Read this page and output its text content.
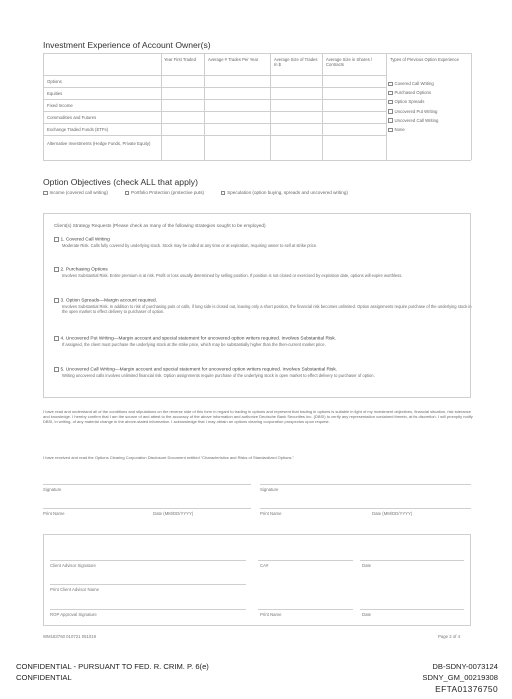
Investment Experience of Account Owner(s)
Year First Traded	Average # Trades Per Year	Average Size of Trades In $
Average Size in Shares / Contracts
Types of Previous Option Experience
Options
Equities
Fixed Income
Commodities and Futures
Exchange Traded Funds (ETFs)
Alternative Investments (Hedge Funds, Private Equity)
Covered Call Writing
Purchased Options
Option Spreads
Uncovered Put Writing
Uncovered Call Writing
None
Option Objectives (check ALL that apply)
Income (covered call writing)	Portfolio Protection (protective puts)	Speculation (option buying, spreads and uncovered writing)
Client(s) Strategy Requests (Please check as many of the following strategies sought to be employed)
1. Covered Call Writing
Moderate Risk. Calls fully covered by underlying stock. Stock may be called at any time or at expiration, requiring owner to sell at strike price.
2. Purchasing Options
Involves Substantial Risk. Entire premium is at risk. Profit or loss usually determined by selling position. If position is not closed or exercised by expiration date, options will expire worthless.
3. Option Spreads—Margin account required.
Involves Substantial Risk. In addition to risk of purchasing puts or calls, if long side is closed out, leaving only a short position, the financial risk becomes unlimited. Option assignments require purchase of the underlying stock in the open market to effect delivery to purchaser of option.
4. Uncovered Put Writing—Margin account and special statement for uncovered option writers required. Involves Substantial Risk.
If assigned, the client must purchase the underlying stock at the strike price, which may be substantially higher than the then-current market price.
5. Uncovered Call Writing—Margin account and special statement for uncovered option writers required. Involves Substantial Risk.
Writing uncovered calls involves unlimited financial risk. Option assignments require purchase of the underlying stock in open market to effect delivery to purchaser of option.
I have read and understand all of the conditions and stipulations on the reverse side of this form in regard to trading in options and represent that trading in options is suitable in light of my investment objectives, financial situation, risk tolerance and knowledge. I hereby confirm that I am the source of and attest to the accuracy of the above information and authorize Deutsche Bank Securities Inc. (DBSI) to verify any representation contained therein, at its discretion. I will promptly notify DBSI, in writing, of any material change in the above-stated information. I acknowledge that I may obtain an options clearing corporation prospectus upon request.
I have received and read the Options Clearing Corporation Disclosure Document entitled "Characteristics and Risks of Standardized Options."
Signature	Signature
Print Name	Date (MM/DD/YYYY)	Print Name	Date (MM/DD/YYYY)
Client Advisor Signature	CA#	Date
Print Client Advisor Name
ROP Approval Signature	Print Name	Date
WM183760 010721 051019	Page 2 of 4
CONFIDENTIAL - PURSUANT TO FED. R. CRIM. P. 6(e)
CONFIDENTIAL
DB-SDNY-0073124
SDNY_GM_00219308
EFTA01376750
